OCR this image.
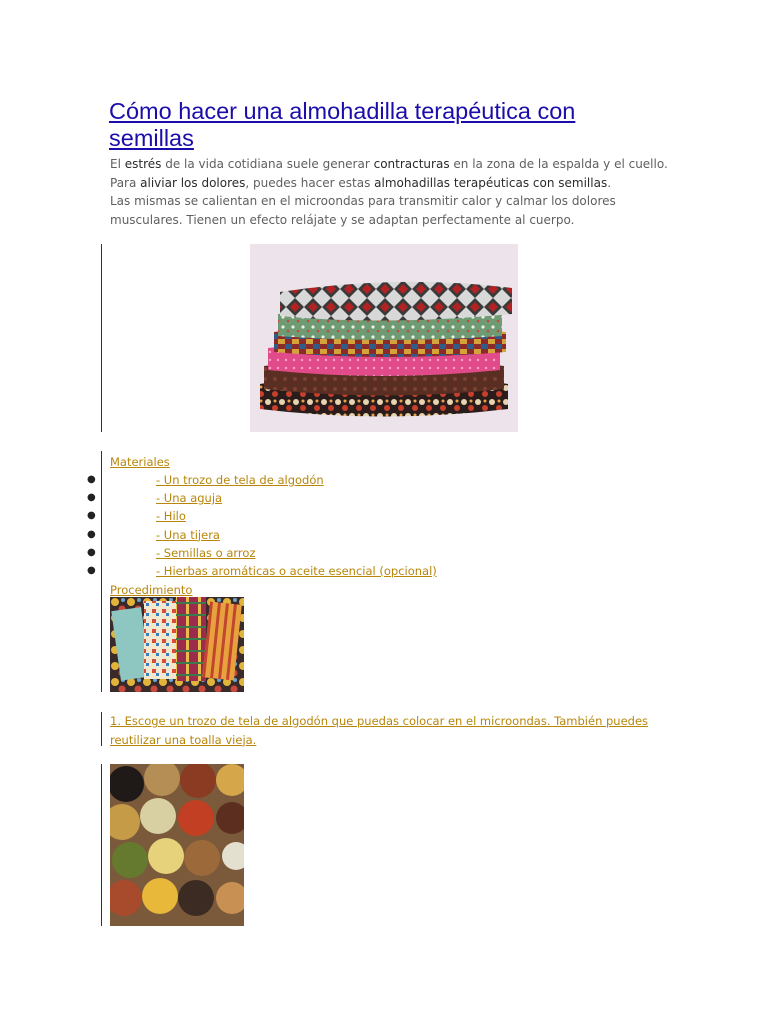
Cómo hacer una almohadilla terapéutica con semillas
El estrés de la vida cotidiana suele generar contracturas en la zona de la espalda y el cuello.
Para aliviar los dolores, puedes hacer estas almohadillas terapéuticas con semillas.
Las mismas se calientan en el microondas para transmitir calor y calmar los dolores musculares. Tienen un efecto relájate y se adaptan perfectamente al cuerpo.
Materiales
●	- Un trozo de tela de algodón
●	- Una aguja
●	- Hilo
●	- Una tijera
●	- Semillas o arroz
●	- Hierbas aromáticas o aceite esencial (opcional)
Procedimiento
1. Escoge un trozo de tela de algodón que puedas colocar en el microondas. También puedes reutilizar una toalla vieja.
